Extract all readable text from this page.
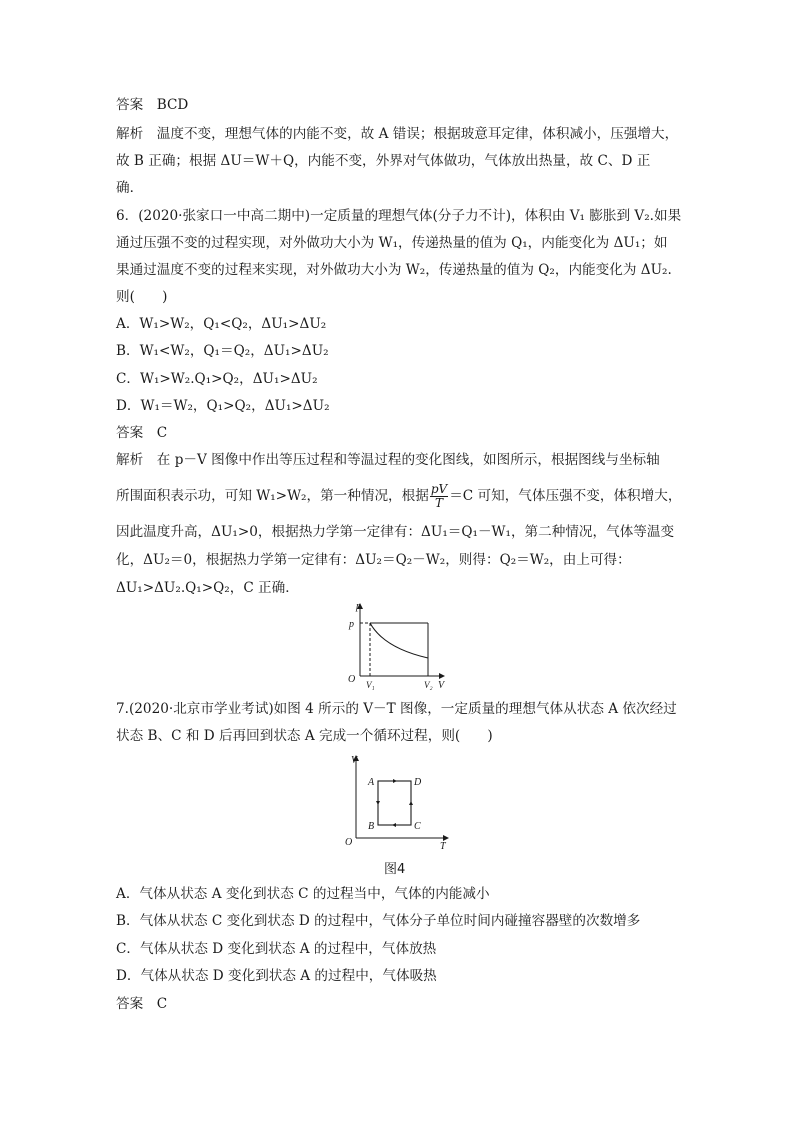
答案　BCD
解析　温度不变，理想气体的内能不变，故 A 错误；根据玻意耳定律，体积减小，压强增大，
故 B 正确；根据 ΔU＝W＋Q，内能不变，外界对气体做功，气体放出热量，故 C、D 正
确．
6．(2020·张家口一中高二期中)一定质量的理想气体(分子力不计)，体积由 V₁ 膨胀到 V₂.如果
通过压强不变的过程实现，对外做功大小为 W₁，传递热量的值为 Q₁，内能变化为 ΔU₁；如
果通过温度不变的过程来实现，对外做功大小为 W₂，传递热量的值为 Q₂，内能变化为 ΔU₂.
则(　　)
A．W₁>W₂，Q₁<Q₂，ΔU₁>ΔU₂
B．W₁<W₂，Q₁＝Q₂，ΔU₁>ΔU₂
C．W₁>W₂.Q₁>Q₂，ΔU₁>ΔU₂
D．W₁＝W₂，Q₁>Q₂，ΔU₁>ΔU₂
答案　C
解析　在 p－V 图像中作出等压过程和等温过程的变化图线，如图所示，根据图线与坐标轴
所围面积表示功，可知 W₁>W₂，第一种情况，根据 $\frac{pV}{T} =C$ 可知，气体压强不变，体积增大，
因此温度升高，ΔU₁>0，根据热力学第一定律有：ΔU₁＝Q₁－W₁，第二种情况，气体等温变
化，ΔU₂＝0，根据热力学第一定律有：ΔU₂＝Q₂－W₂，则得：Q₂＝W₂，由上可得：
ΔU₁>ΔU₂.Q₁>Q₂，C 正确．
p
p
O V₁	V₂ V
7.(2020·北京市学业考试)如图 4 所示的 V－T 图像，一定质量的理想气体从状态 A 依次经过
状态 B、C 和 D 后再回到状态 A 完成一个循环过程，则(　　)
V
O	T
A
B	C
D
图4
A．气体从状态 A 变化到状态 C 的过程当中，气体的内能减小
B．气体从状态 C 变化到状态 D 的过程中，气体分子单位时间内碰撞容器壁的次数增多
C．气体从状态 D 变化到状态 A 的过程中，气体放热
D．气体从状态 D 变化到状态 A 的过程中，气体吸热
答案　C
